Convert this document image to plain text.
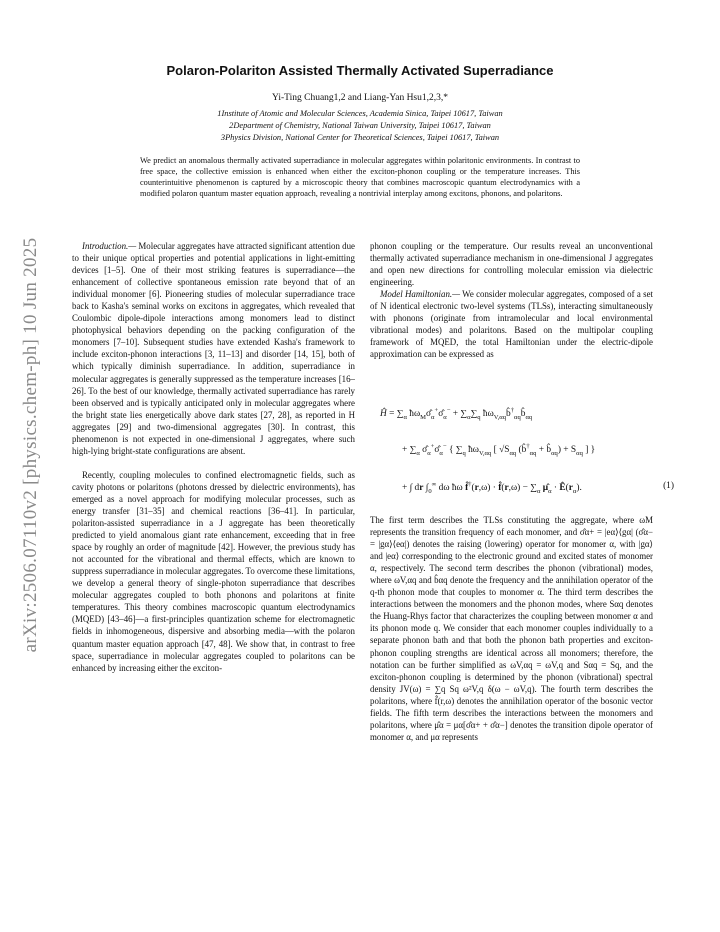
arXiv:2506.07110v2 [physics.chem-ph] 10 Jun 2025
Polaron-Polariton Assisted Thermally Activated Superradiance
Yi-Ting Chuang1,2 and Liang-Yan Hsu1,2,3,*
1Institute of Atomic and Molecular Sciences, Academia Sinica, Taipei 10617, Taiwan
2Department of Chemistry, National Taiwan University, Taipei 10617, Taiwan
3Physics Division, National Center for Theoretical Sciences, Taipei 10617, Taiwan
We predict an anomalous thermally activated superradiance in molecular aggregates within polaritonic environments. In contrast to free space, the collective emission is enhanced when either the exciton-phonon coupling or the temperature increases. This counterintuitive phenomenon is captured by a microscopic theory that combines macroscopic quantum electrodynamics with a modified polaron quantum master equation approach, revealing a nontrivial interplay among excitons, phonons, and polaritons.

Introduction.— Molecular aggregates have attracted significant attention due to their unique optical properties and potential applications in light-emitting devices [1–5]. One of their most striking features is superradiance—the enhancement of collective spontaneous emission rate beyond that of an individual monomer [6]. Pioneering studies of molecular superradiance trace back to Kasha's seminal works on excitons in aggregates, which revealed that Coulombic dipole-dipole interactions among monomers lead to distinct photophysical behaviors depending on the packing configuration of the monomers [7–10]. Subsequent studies have extended Kasha's framework to include exciton-phonon interactions [3, 11–13] and disorder [14, 15], both of which typically diminish superradiance. In addition, superradiance in molecular aggregates is generally suppressed as the temperature increases [16–26]. To the best of our knowledge, thermally activated superradiance has rarely been observed and is typically anticipated only in molecular aggregates where the bright state lies energetically above dark states [27, 28], as reported in H aggregates [29] and two-dimensional aggregates [30]. In contrast, this phenomenon is not expected in one-dimensional J aggregates, where such high-lying bright-state configurations are absent.

Recently, coupling molecules to confined electromagnetic fields, such as cavity photons or polaritons (photons dressed by dielectric environments), has emerged as a novel approach for modifying molecular processes, such as energy transfer [31–35] and chemical reactions [36–41]. In particular, polariton-assisted superradiance in a J aggregate has been theoretically predicted to yield anomalous giant rate enhancement, exceeding that in free space by roughly an order of magnitude [42]. However, the previous study has not accounted for the vibrational and thermal effects, which are known to suppress superradiance in molecular aggregates. To overcome these limitations, we develop a general theory of single-photon superradiance that describes molecular aggregates coupled to both phonons and polaritons at finite temperatures. This theory combines macroscopic quantum electrodynamics (MQED) [43–46]—a first-principles quantization scheme for electromagnetic fields in inhomogeneous, dispersive and absorbing media—with the polaron quantum master equation approach [47, 48]. We show that, in contrast to free space, superradiance in molecular aggregates coupled to polaritons can be enhanced by increasing either the exciton-

phonon coupling or the temperature. Our results reveal an unconventional thermally activated superradiance mechanism in one-dimensional J aggregates and open new directions for controlling molecular emission via dielectric engineering.

Model Hamiltonian.— We consider molecular aggregates, composed of a set of N identical electronic two-level systems (TLSs), interacting simultaneously with phonons (originate from intramolecular and local environmental vibrational modes) and polaritons. Based on the multipolar coupling framework of MQED, the total Hamiltonian under the electric-dipole approximation can be expressed as

Ĥ = $\sum_\alpha$ $ħ\omega_M\sigmâ_\alpha^+\sigmâ_\alpha^- + \sum_\alpha\sum_q$ $ħ\omega_{V,\alpha q}b̂^\dagger_{\alpha q}b̂_{\alpha q}$
+ $\sum_\alpha$ $\sigmâ_\alpha^+\sigmâ_\alpha^-$ { $\sum_q$ $ħ\omega_{V,\alpha q}$ [ $√S_{\alpha q}$ ($b̂^\dagger_{\alpha q}$ + $b̂_{\alpha q}) + S_{\alpha q}$ ] }
+ ∫ dr $\int_0^\infty$ dω ħω f̂†(r,ω) · f̂(r,ω) − $\sum_\alpha$ $\mû_\alpha$ · $Ê(r_\alpha)$.	(1)

The first term describes the TLSs constituting the aggregate, where ωM represents the transition frequency of each monomer, and σ̂α+ = |eα⟩⟨gα| (σ̂α− = |gα⟩⟨eα|) denotes the raising (lowering) operator for monomer α, with |gα⟩ and |eα⟩ corresponding to the electronic ground and excited states of monomer α, respectively. The second term describes the phonon (vibrational) modes, where ωV,αq and b̂αq denote the frequency and the annihilation operator of the q-th phonon mode that couples to monomer α. The third term describes the interactions between the monomers and the phonon modes, where Sαq denotes the Huang-Rhys factor that characterizes the coupling between monomer α and its phonon mode q. We consider that each monomer couples individually to a separate phonon bath and that both the phonon bath properties and exciton-phonon coupling strengths are identical across all monomers; therefore, the notation can be further simplified as ωV,αq = ωV,q and Sαq = Sq, and the exciton-phonon coupling is determined by the phonon (vibrational) spectral density JV(ω) = ∑q Sq ω²V,q δ(ω − ωV,q). The fourth term describes the polaritons, where f̂(r,ω) denotes the annihilation operator of the bosonic vector fields. The fifth term describes the interactions between the monomers and polaritons, where μ̂α = μα[σ̂α+ + σ̂α−] denotes the transition dipole operator of monomer α, and μα represents
